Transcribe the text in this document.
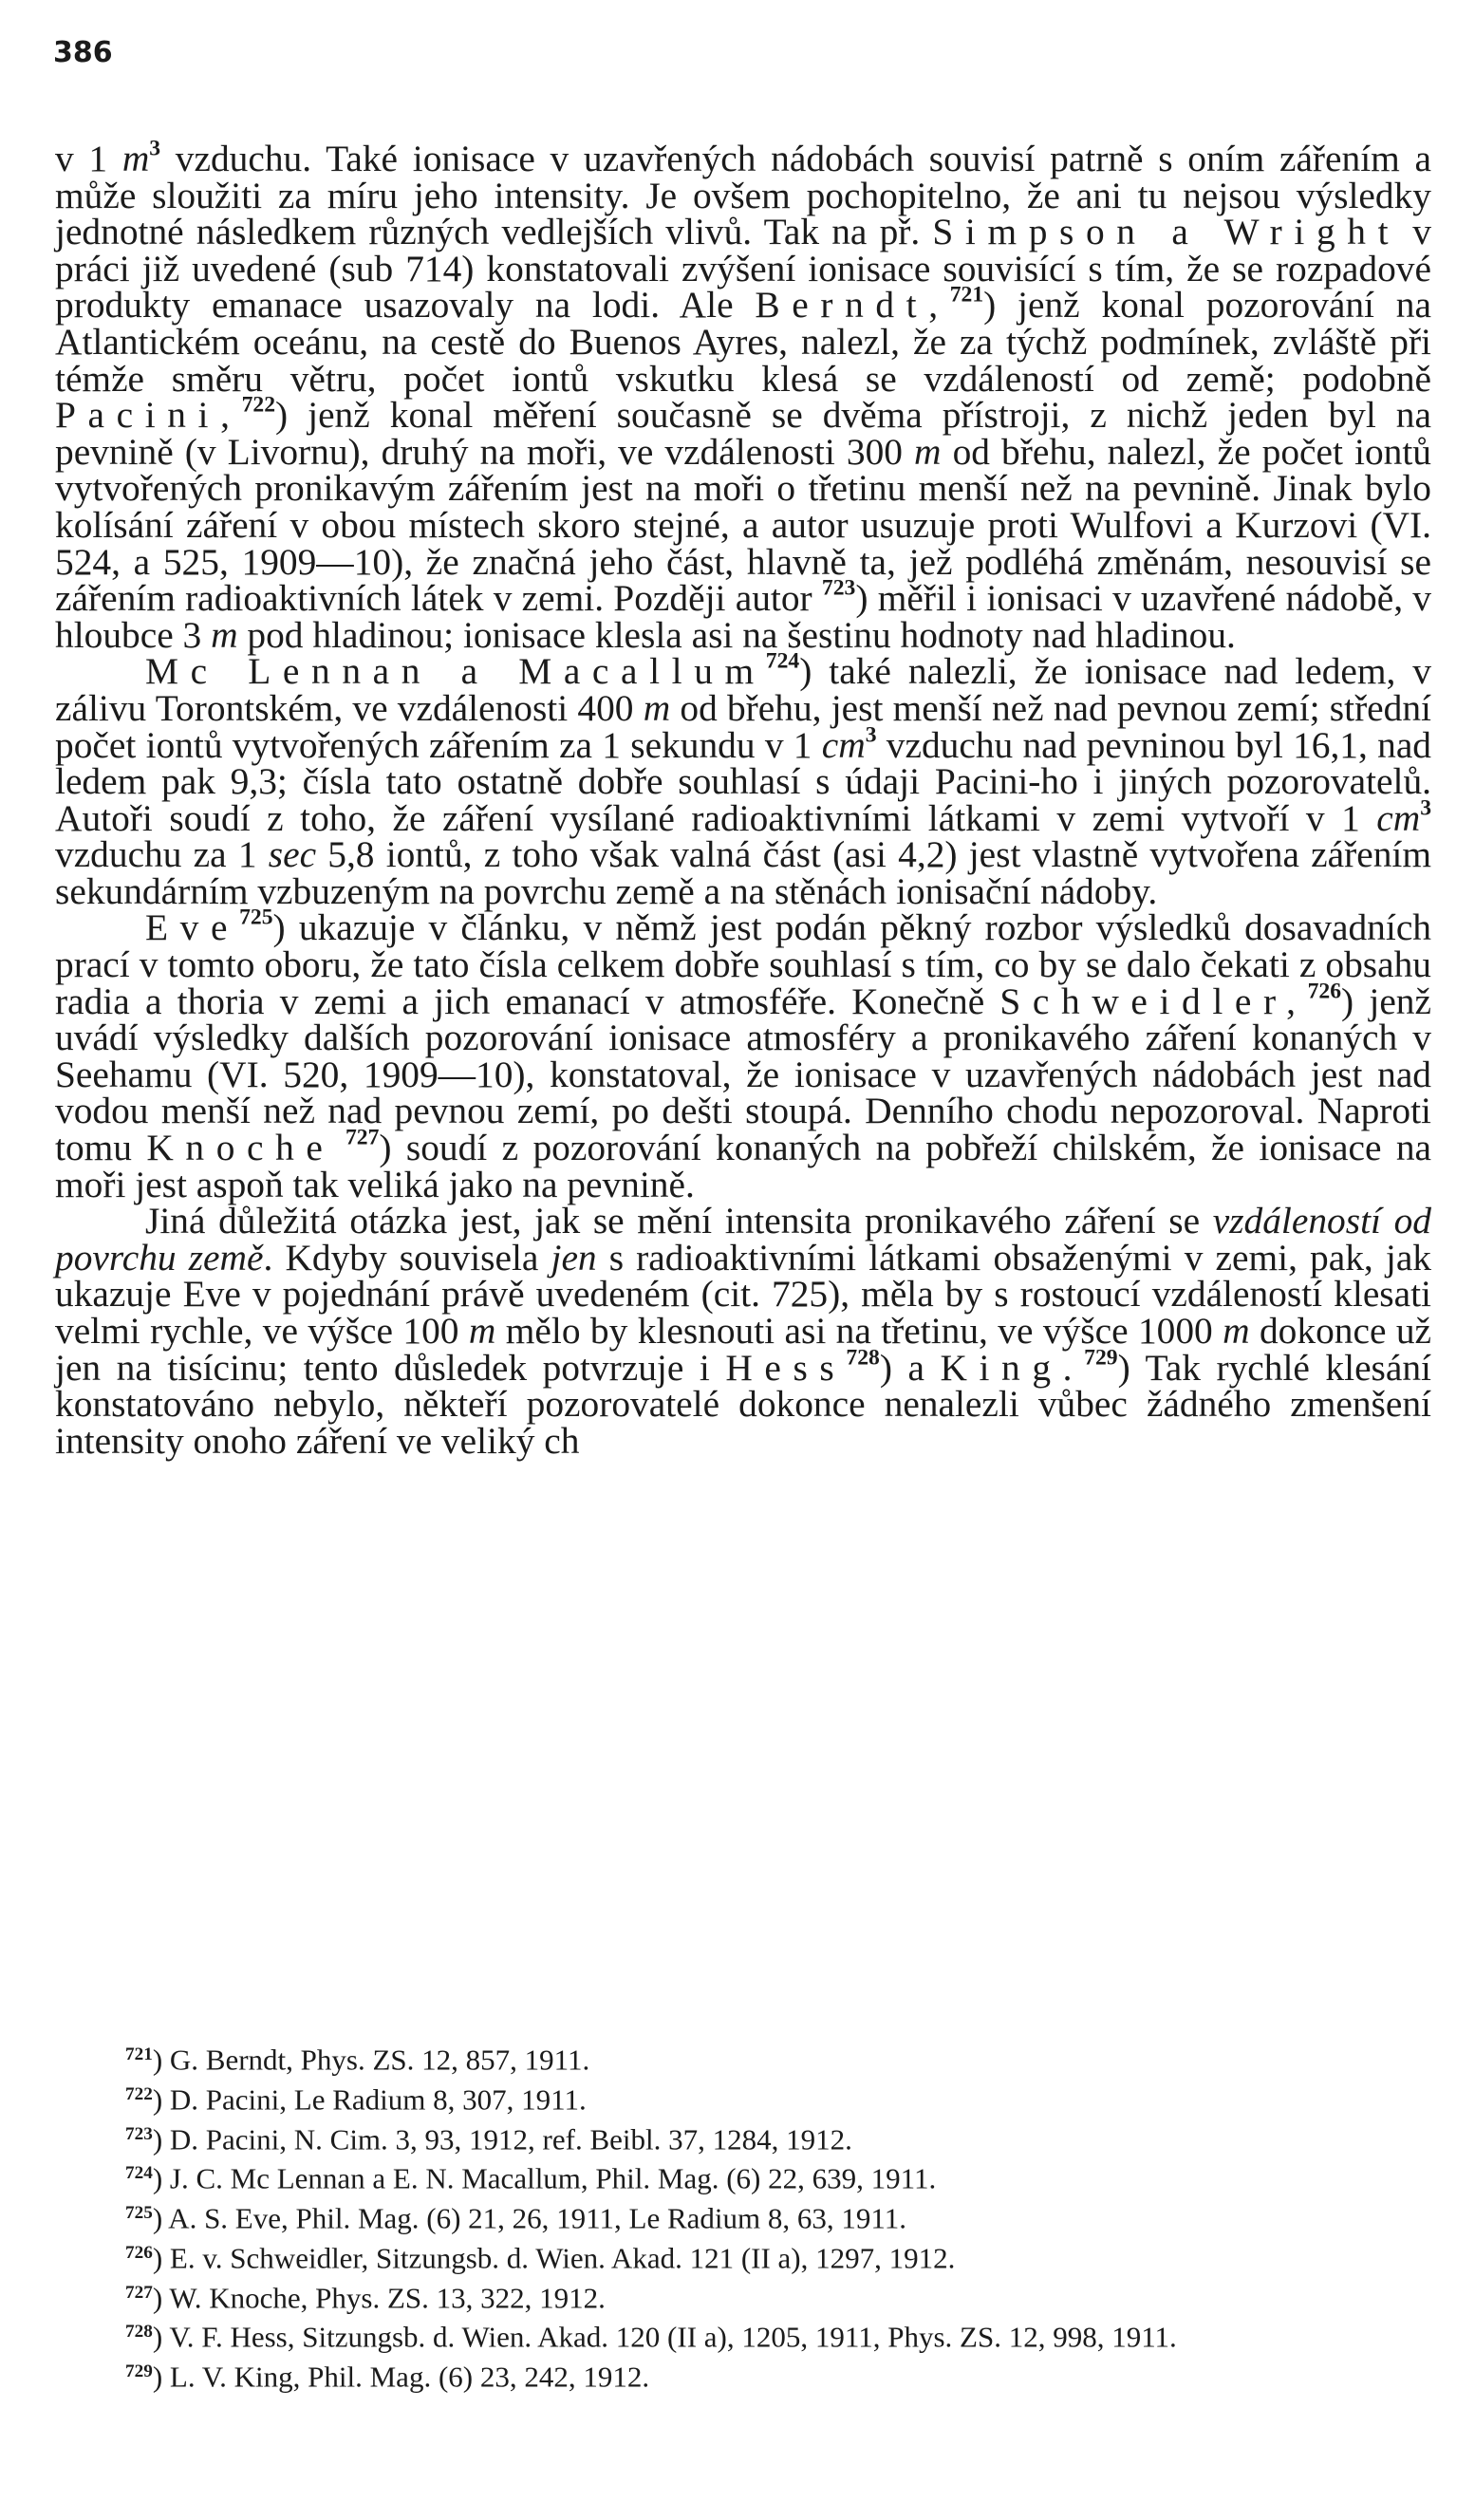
386

v 1 $m^3$ vzduchu. Také ionisace v uzavřených nádobách souvisí patrně s oním zářením a může sloužiti za míru jeho intensity. Je ovšem pochopitelno, že ani tu nejsou výsledky jednotné následkem různých vedlejších vlivů. Tak na př. Simpson a Wright v práci již uvedené (sub 714) konstatovali zvýšení ionisace souvisící s tím, že se rozpadové produkty emanace usazovaly na lodi. Ale Berndt,$^{721}$) jenž konal pozorování na Atlantickém oceánu, na cestě do Buenos Ayres, nalezl, že za týchž podmínek, zvláště při témže směru větru, počet iontů vskutku klesá se vzdáleností od země; podobně Pacini,$^{722}$) jenž konal měření současně se dvěma přístroji, z nichž jeden byl na pevnině (v Livornu), druhý na moři, ve vzdálenosti 300 m od břehu, nalezl, že počet iontů vytvořených pronikavým zářením jest na moři o třetinu menší než na pevnině. Jinak bylo kolísání záření v obou místech skoro stejné, a autor usuzuje proti Wulfovi a Kurzovi (VI. 524, a 525, 1909—10), že značná jeho část, hlavně ta, jež podléhá změnám, nesouvisí se zářením radioaktivních látek v zemi. Později autor $^{723}$) měřil i ionisaci v uzavřené nádobě, v hloubce 3 m pod hladinou; ionisace klesla asi na šestinu hodnoty nad hladinou.

Mc Lennan a Macallum$^{724}$) také nalezli, že ionisace nad ledem, v zálivu Torontském, ve vzdálenosti 400 m od břehu, jest menší než nad pevnou zemí; střední počet iontů vytvořených zářením za 1 sekundu v 1 $cm^3$ vzduchu nad pevninou byl 16,1, nad ledem pak 9,3; čísla tato ostatně dobře souhlasí s údaji Pacini-ho i jiných pozorovatelů. Autoři soudí z toho, že záření vysílané radioaktivními látkami v zemi vytvoří v 1 $cm^3$ vzduchu za 1 sec 5,8 iontů, z toho však valná část (asi 4,2) jest vlastně vytvořena zářením sekundárním vzbuzeným na povrchu země a na stěnách ionisační nádoby.

Eve$^{725}$) ukazuje v článku, v němž jest podán pěkný rozbor výsledků dosavadních prací v tomto oboru, že tato čísla celkem dobře souhlasí s tím, co by se dalo čekati z obsahu radia a thoria v zemi a jich emanací v atmosféře. Konečně Schweidler,$^{726}$) jenž uvádí výsledky dalších pozorování ionisace atmosféry a pronikavého záření konaných v Seehamu (VI. 520, 1909—10), konstatoval, že ionisace v uzavřených nádobách jest nad vodou menší než nad pevnou zemí, po dešti stoupá. Denního chodu nepozoroval. Naproti tomu Knoche $^{727}$) soudí z pozorování konaných na pobřeží chilském, že ionisace na moři jest aspoň tak veliká jako na pevnině.

Jiná důležitá otázka jest, jak se mění intensita pronikavého záření se vzdáleností od povrchu země. Kdyby souvisela jen s radioaktivními látkami obsaženými v zemi, pak, jak ukazuje Eve v pojednání právě uvedeném (cit. 725), měla by s rostoucí vzdáleností klesati velmi rychle, ve výšce 100 m mělo by klesnouti asi na třetinu, ve výšce 1000 m dokonce už jen na tisícinu; tento důsledek potvrzuje i Hess$^{728}$) a King.$^{729}$) Tak rychlé klesání konstatováno nebylo, někteří pozorovatelé dokonce nenalezli vůbec žádného zmenšení intensity onoho záření ve veliký ch

$^{721}$) G. Berndt, Phys. ZS. 12, 857, 1911.

$^{722}$) D. Pacini, Le Radium 8, 307, 1911.

$^{723}$) D. Pacini, N. Cim. 3, 93, 1912, ref. Beibl. 37, 1284, 1912.

$^{724}$) J. C. Mc Lennan a E. N. Macallum, Phil. Mag. (6) 22, 639, 1911.

$^{725}$) A. S. Eve, Phil. Mag. (6) 21, 26, 1911, Le Radium 8, 63, 1911.

$^{726}$) E. v. Schweidler, Sitzungsb. d. Wien. Akad. 121 (II a), 1297, 1912.

$^{727}$) W. Knoche, Phys. ZS. 13, 322, 1912.

$^{728}$) V. F. Hess, Sitzungsb. d. Wien. Akad. 120 (II a), 1205, 1911, Phys. ZS. 12, 998, 1911.

$^{729}$) L. V. King, Phil. Mag. (6) 23, 242, 1912.
